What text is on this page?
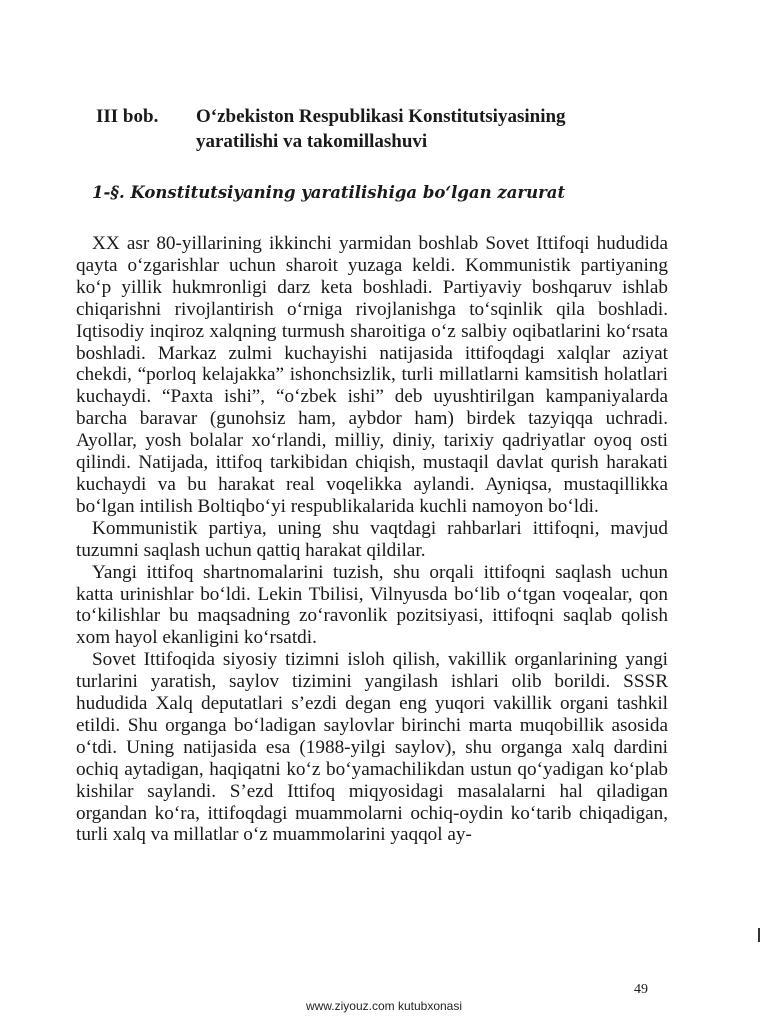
III bob. O‘zbekiston Respublikasi Konstitutsiyasining
yaratilishi va takomillashuvi
1-§. Konstitutsiyaning yaratilishiga bo‘lgan zarurat

XX asr 80-yillarining ikkinchi yarmidan boshlab Sovet Ittifoqi hududida qayta o‘zgarishlar uchun sharoit yuzaga keldi. Kommunistik partiyaning ko‘p yillik hukmronligi darz keta boshladi. Partiyaviy boshqaruv ishlab chiqarishni rivojlantirish o‘rniga rivojlanishga to‘sqinlik qila boshladi. Iqtisodiy inqiroz xalqning turmush sharoitiga o‘z salbiy oqibatlarini ko‘rsata boshladi. Markaz zulmi kuchayishi natijasida ittifoqdagi xalqlar aziyat chekdi, “porloq kelajakka” ishonchsizlik, turli millatlarni kamsitish holatlari kuchaydi. “Paxta ishi”, “o‘zbek ishi” deb uyushtirilgan kampaniyalarda barcha baravar (gunohsiz ham, aybdor ham) birdek tazyiqqa uchradi. Ayollar, yosh bolalar xo‘rlandi, milliy, diniy, tarixiy qadriyatlar oyoq osti qilindi. Natijada, ittifoq tarkibidan chiqish, mustaqil davlat qurish harakati kuchaydi va bu harakat real voqelikka aylandi. Ayniqsa, mustaqillikka bo‘lgan intilish Boltiqbo‘yi respublikalarida kuchli namoyon bo‘ldi.

Kommunistik partiya, uning shu vaqtdagi rahbarlari ittifoqni, mavjud tuzumni saqlash uchun qattiq harakat qildilar.

Yangi ittifoq shartnomalarini tuzish, shu orqali ittifoqni saqlash uchun katta urinishlar bo‘ldi. Lekin Tbilisi, Vilnyusda bo‘lib o‘tgan voqealar, qon to‘kilishlar bu maqsadning zo‘ravonlik pozitsiyasi, ittifoqni saqlab qolish xom hayol ekanligini ko‘rsatdi.

Sovet Ittifoqida siyosiy tizimni isloh qilish, vakillik organlarining yangi turlarini yaratish, saylov tizimini yangilash ishlari olib borildi. SSSR hududida Xalq deputatlari s’ezdi degan eng yuqori vakillik organi tashkil etildi. Shu organga bo‘ladigan saylovlar birinchi marta muqobillik asosida o‘tdi. Uning natijasida esa (1988-yilgi saylov), shu organga xalq dardini ochiq aytadigan, haqiqatni ko‘z bo‘yamachilikdan ustun qo‘yadigan ko‘plab kishilar saylandi. S’ezd Ittifoq miqyosidagi masalalarni hal qiladigan organdan ko‘ra, ittifoqdagi muammolarni ochiq-oydin ko‘tarib chiqadigan, turli xalq va millatlar o‘z muammolarini yaqqol ay-

49
www.ziyouz.com kutubxonasi
